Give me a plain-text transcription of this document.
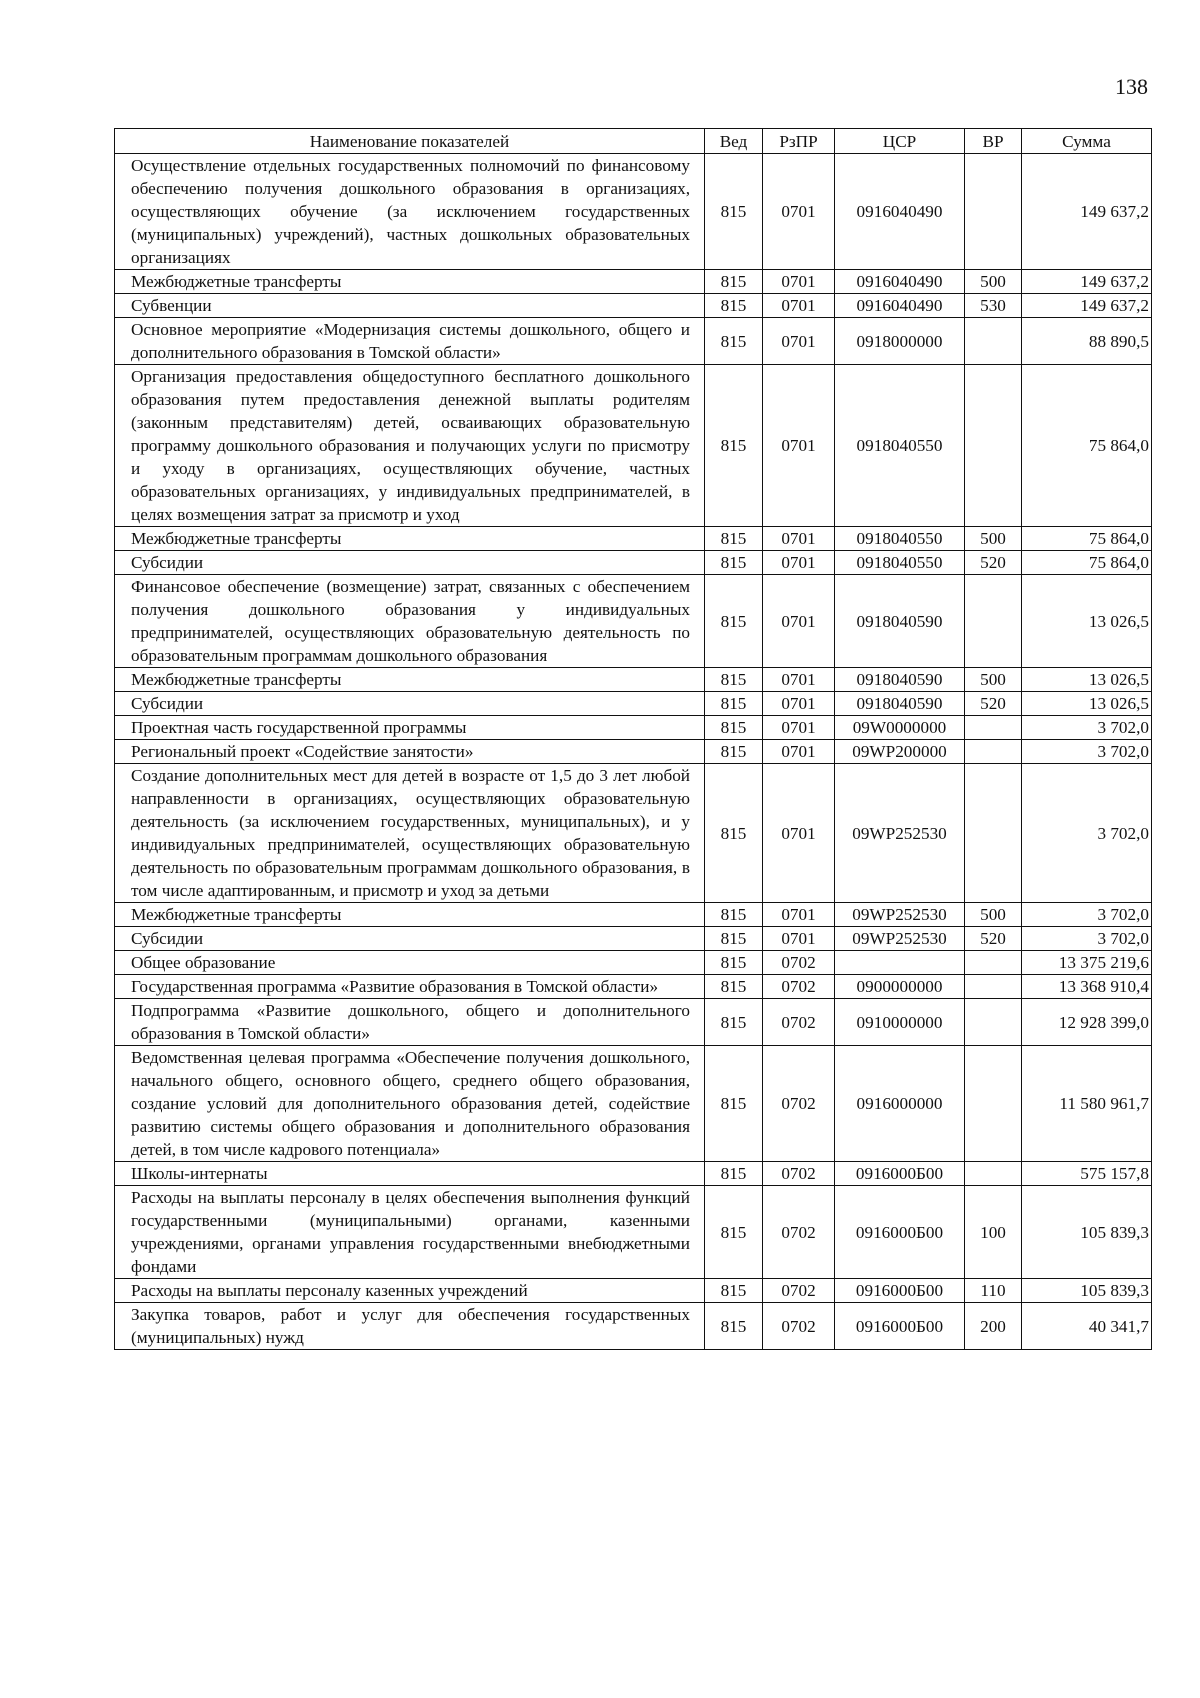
138
Наименование показателей	Вед	РзПР	ЦСР	ВР	Сумма
Осуществление отдельных государственных полномочий по финансовому обеспечению получения дошкольного образования в организациях, осуществляющих обучение (за исключением государственных (муниципальных) учреждений), частных дошкольных образовательных организациях	815	0701	0916040490		149 637,2
Межбюджетные трансферты	815	0701	0916040490	500	149 637,2
Субвенции	815	0701	0916040490	530	149 637,2
Основное мероприятие «Модернизация системы дошкольного, общего и дополнительного образования в Томской области»	815	0701	0918000000		88 890,5
Организация предоставления общедоступного бесплатного дошкольного образования путем предоставления денежной выплаты родителям (законным представителям) детей, осваивающих образовательную программу дошкольного образования и получающих услуги по присмотру и уходу в организациях, осуществляющих обучение, частных образовательных организациях, у индивидуальных предпринимателей, в целях возмещения затрат за присмотр и уход	815	0701	0918040550		75 864,0
Межбюджетные трансферты	815	0701	0918040550	500	75 864,0
Субсидии	815	0701	0918040550	520	75 864,0
Финансовое обеспечение (возмещение) затрат, связанных с обеспечением получения дошкольного образования у индивидуальных предпринимателей, осуществляющих образовательную деятельность по образовательным программам дошкольного образования	815	0701	0918040590		13 026,5
Межбюджетные трансферты	815	0701	0918040590	500	13 026,5
Субсидии	815	0701	0918040590	520	13 026,5
Проектная часть государственной программы	815	0701	09W0000000		3 702,0
Региональный проект «Содействие занятости»	815	0701	09WP200000		3 702,0
Создание дополнительных мест для детей в возрасте от 1,5 до 3 лет любой направленности в организациях, осуществляющих образовательную деятельность (за исключением государственных, муниципальных), и у индивидуальных предпринимателей, осуществляющих образовательную деятельность по образовательным программам дошкольного образования, в том числе адаптированным, и присмотр и уход за детьми	815	0701	09WP252530		3 702,0
Межбюджетные трансферты	815	0701	09WP252530	500	3 702,0
Субсидии	815	0701	09WP252530	520	3 702,0
Общее образование	815	0702			13 375 219,6
Государственная программа «Развитие образования в Томской области»	815	0702	0900000000		13 368 910,4
Подпрограмма «Развитие дошкольного, общего и дополнительного образования в Томской области»	815	0702	0910000000		12 928 399,0
Ведомственная целевая программа «Обеспечение получения дошкольного, начального общего, основного общего, среднего общего образования, создание условий для дополнительного образования детей, содействие развитию системы общего образования и дополнительного образования детей, в том числе кадрового потенциала»	815	0702	0916000000		11 580 961,7
Школы-интернаты	815	0702	0916000Б00		575 157,8
Расходы на выплаты персоналу в целях обеспечения выполнения функций государственными (муниципальными) органами, казенными учреждениями, органами управления государственными внебюджетными фондами	815	0702	0916000Б00	100	105 839,3
Расходы на выплаты персоналу казенных учреждений	815	0702	0916000Б00	110	105 839,3
Закупка товаров, работ и услуг для обеспечения государственных (муниципальных) нужд	815	0702	0916000Б00	200	40 341,7
